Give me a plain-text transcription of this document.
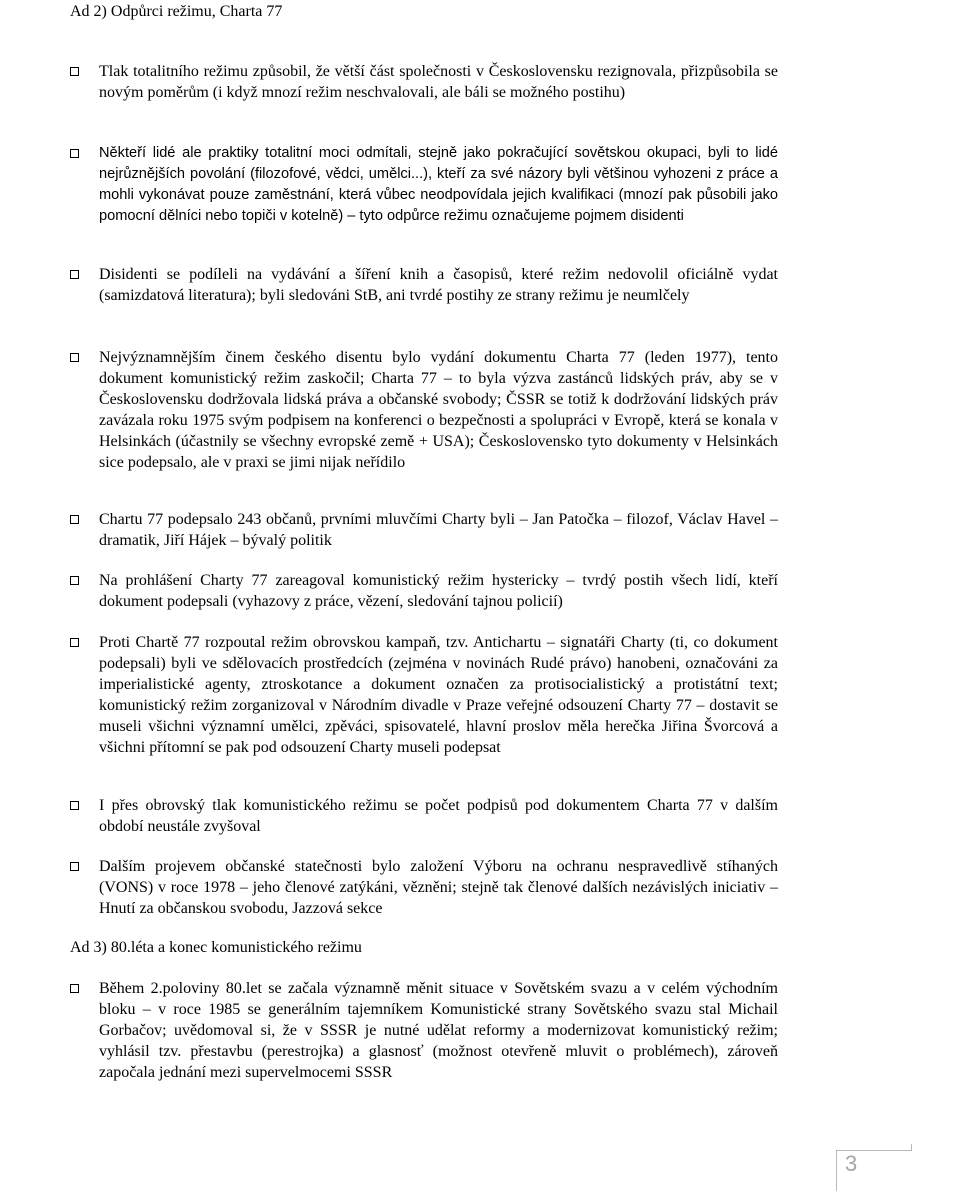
Ad 2) Odpůrci režimu, Charta 77
Tlak totalitního režimu způsobil, že větší část společnosti v Československu rezignovala, přizpůsobila se novým poměrům (i když mnozí režim neschvalovali, ale báli se možného postihu)
Někteří lidé ale praktiky totalitní moci odmítali, stejně jako pokračující sovětskou okupaci, byli to lidé nejrůznějších povolání (filozofové, vědci, umělci...), kteří za své názory byli většinou vyhozeni z práce a mohli vykonávat pouze zaměstnání, která vůbec neodpovídala jejich kvalifikaci (mnozí pak působili jako pomocní dělníci nebo topiči v kotelně) – tyto odpůrce režimu označujeme pojmem disidenti
Disidenti se podíleli na vydávání a šíření knih a časopisů, které režim nedovolil oficiálně vydat (samizdatová literatura); byli sledováni StB, ani tvrdé postihy ze strany režimu je neumlčely
Nejvýznamnějším činem českého disentu bylo vydání dokumentu Charta 77 (leden 1977), tento dokument komunistický režim zaskočil; Charta 77 – to byla výzva zastánců lidských práv, aby se v Československu dodržovala lidská práva a občanské svobody; ČSSR se totiž k dodržování lidských práv zavázala roku 1975 svým podpisem na konferenci o bezpečnosti a spolupráci v Evropě, která se konala v Helsinkách (účastnily se všechny evropské země + USA); Československo tyto dokumenty v Helsinkách sice podepsalo, ale v praxi se jimi nijak neřídilo
Chartu 77 podepsalo 243 občanů, prvními mluvčími Charty byli – Jan Patočka – filozof, Václav Havel – dramatik, Jiří Hájek – bývalý politik
Na prohlášení Charty 77 zareagoval komunistický režim hystericky – tvrdý postih všech lidí, kteří dokument podepsali (vyhazovy z práce, vězení, sledování tajnou policií)
Proti Chartě 77 rozpoutal režim obrovskou kampaň, tzv. Antichartu – signatáři Charty (ti, co dokument podepsali) byli ve sdělovacích prostředcích (zejména v novinách Rudé právo) hanobeni, označováni za imperialistické agenty, ztroskotance a dokument označen za protisocialistický a protistátní text; komunistický režim zorganizoval v Národním divadle v Praze veřejné odsouzení Charty 77 – dostavit se museli všichni významní umělci, zpěváci, spisovatelé, hlavní proslov měla herečka Jiřina Švorcová a všichni přítomní se pak pod odsouzení Charty museli podepsat
I přes obrovský tlak komunistického režimu se počet podpisů pod dokumentem Charta 77 v dalším období neustále zvyšoval
Dalším projevem občanské statečnosti bylo založení Výboru na ochranu nespravedlivě stíhaných (VONS) v roce 1978 – jeho členové zatýkáni, vězněni; stejně tak členové dalších nezávislých iniciativ – Hnutí za občanskou svobodu, Jazzová sekce
Ad 3) 80.léta a konec komunistického režimu
Během 2.poloviny 80.let se začala významně měnit situace v Sovětském svazu a v celém východním bloku – v roce 1985 se generálním tajemníkem Komunistické strany Sovětského svazu stal Michail Gorbačov; uvědomoval si, že v SSSR je nutné udělat reformy a modernizovat komunistický režim; vyhlásil tzv. přestavbu (perestrojka) a glasnosť (možnost otevřeně mluvit o problémech), zároveň započala jednání mezi supervelmocemi SSSR
3
